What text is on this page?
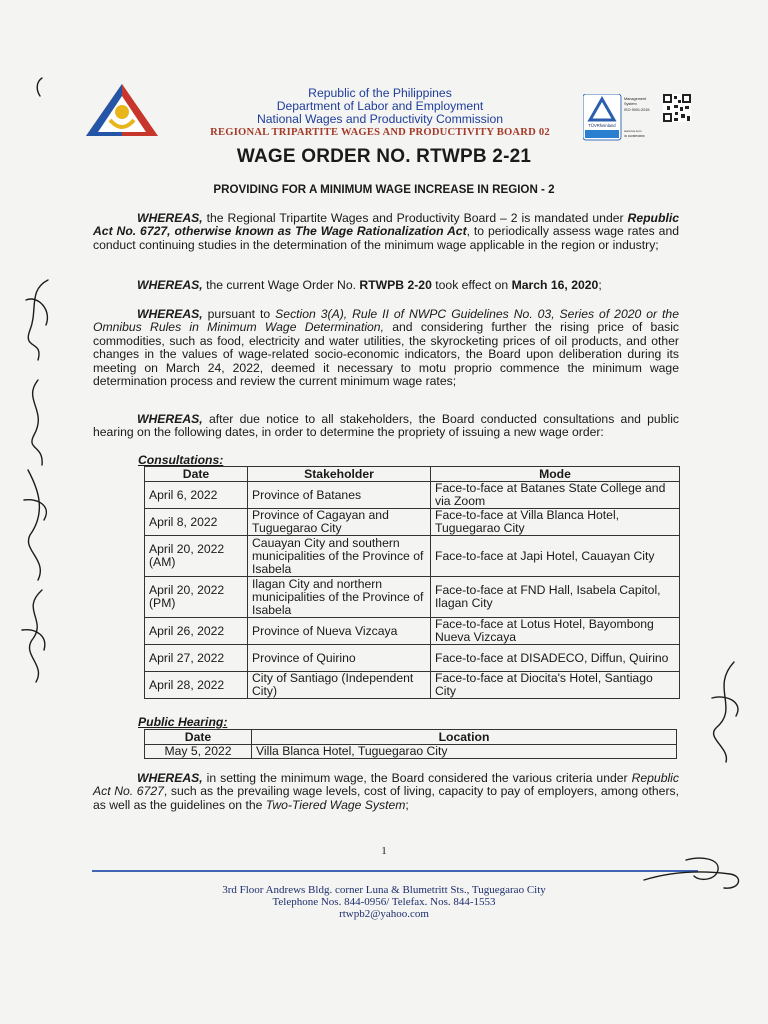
Republic of the Philippines
Department of Labor and Employment
National Wages and Productivity Commission
REGIONAL TRIPARTITE WAGES AND PRODUCTIVITY BOARD 02
TÜVRheinland
Management
System
ISO 9001:2015
www.tuv.com
ID 9108650689
WAGE ORDER NO. RTWPB 2-21
PROVIDING FOR A MINIMUM WAGE INCREASE IN REGION - 2
WHEREAS, the Regional Tripartite Wages and Productivity Board – 2 is mandated under Republic Act No. 6727, otherwise known as The Wage Rationalization Act, to periodically assess wage rates and conduct continuing studies in the determination of the minimum wage applicable in the region or industry;
WHEREAS, the current Wage Order No. RTWPB 2-20 took effect on March 16, 2020;
WHEREAS, pursuant to Section 3(A), Rule II of NWPC Guidelines No. 03, Series of 2020 or the Omnibus Rules in Minimum Wage Determination, and considering further the rising price of basic commodities, such as food, electricity and water utilities, the skyrocketing prices of oil products, and other changes in the values of wage-related socio-economic indicators, the Board upon deliberation during its meeting on March 24, 2022, deemed it necessary to motu proprio commence the minimum wage determination process and review the current minimum wage rates;
WHEREAS, after due notice to all stakeholders, the Board conducted consultations and public hearing on the following dates, in order to determine the propriety of issuing a new wage order:
Consultations:
Date	Stakeholder	Mode
April 6, 2022	Province of Batanes	Face-to-face at Batanes State College and via Zoom
April 8, 2022	Province of Cagayan and Tuguegarao City	Face-to-face at Villa Blanca Hotel, Tuguegarao City
April 20, 2022 (AM)	Cauayan City and southern municipalities of the Province of Isabela	Face-to-face at Japi Hotel, Cauayan City
April 20, 2022 (PM)	Ilagan City and northern municipalities of the Province of Isabela	Face-to-face at FND Hall, Isabela Capitol, Ilagan City
April 26, 2022	Province of Nueva Vizcaya	Face-to-face at Lotus Hotel, Bayombong Nueva Vizcaya
April 27, 2022	Province of Quirino	Face-to-face at DISADECO, Diffun, Quirino
April 28, 2022	City of Santiago (Independent City)	Face-to-face at Diocita's Hotel, Santiago City
Public Hearing:
Date	Location
May 5, 2022	Villa Blanca Hotel, Tuguegarao City
WHEREAS, in setting the minimum wage, the Board considered the various criteria under Republic Act No. 6727, such as the prevailing wage levels, cost of living, capacity to pay of employers, among others, as well as the guidelines on the Two-Tiered Wage System;
1
3rd Floor Andrews Bldg. corner Luna & Blumetritt Sts., Tuguegarao City
Telephone Nos. 844-0956/ Telefax. Nos. 844-1553
rtwpb2@yahoo.com
